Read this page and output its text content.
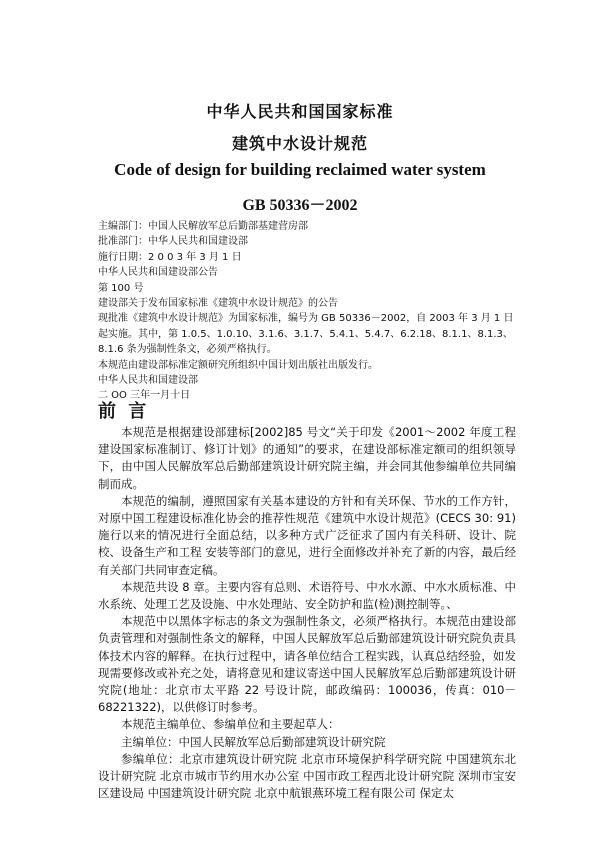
中华人民共和国国家标准
建筑中水设计规范
Code of design for building reclaimed water system
GB 50336－2002
主编部门：中国人民解放军总后勤部基建营房部
批准部门：中华人民共和国建设部
施行日期：2 0 0 3 年 3 月 1 日
中华人民共和国建设部公告
第 100 号
建设部关于发布国家标准《建筑中水设计规范》的公告
现批准《建筑中水设计规范》为国家标准，编号为 GB 50336－2002，自 2003 年 3 月 1 日起实施。其中，第 1.0.5、1.0.10、3.1.6、3.1.7、5.4.1、5.4.7、6.2.18、8.1.1、8.1.3、8.1.6 条为强制性条文，必须严格执行。
本规范由建设部标准定额研究所组织中国计划出版社出版发行。
中华人民共和国建设部
二 OO 三年一月十日
前 言

本规范是根据建设部建标[2002]85 号文“关于印发《2001～2002 年度工程建设国家标准制订、修订计划》的通知”的要求，在建设部标准定额司的组织领导下，由中国人民解放军总后勤部建筑设计研究院主编，并会同其他参编单位共同编制而成。

本规范的编制，遵照国家有关基本建设的方针和有关环保、节水的工作方针，对原中国工程建设标准化协会的推荐性规范《建筑中水设计规范》(CECS 30: 91) 施行以来的情况进行全面总结，以多种方式广泛征求了国内有关科研、设计、院校、设备生产和工程 安装等部门的意见，进行全面修改并补充了新的内容，最后经有关部门共同审查定稿。

本规范共设 8 章。主要内容有总则、术语符号、中水水源、中水水质标准、中水系统、处理工艺及设施、中水处理站、安全防护和监(检)测控制等。、

本规范中以黑体字标志的条文为强制性条文，必须严格执行。本规范由建设部负责管理和对强制性条文的解释，中国人民解放军总后勤部建筑设计研究院负责具体技术内容的解释。在执行过程中，请各单位结合工程实践，认真总结经验，如发现需要修改或补充之处，请将意见和建议寄送中国人民解放军总后勤部建筑设计研究院(地址：北京市太平路 22 号设计院，邮政编码：100036，传真：010－68221322)，以供修订时参考。

本规范主编单位、参编单位和主要起草人：

主编单位：中国人民解放军总后勤部建筑设计研究院

参编单位：北京市建筑设计研究院 北京市环境保护科学研究院 中国建筑东北设计研究院 北京市城市节约用水办公室 中国市政工程西北设计研究院 深圳市宝安区建设局 中国建筑设计研究院 北京中航银燕环境工程有限公司 保定太
